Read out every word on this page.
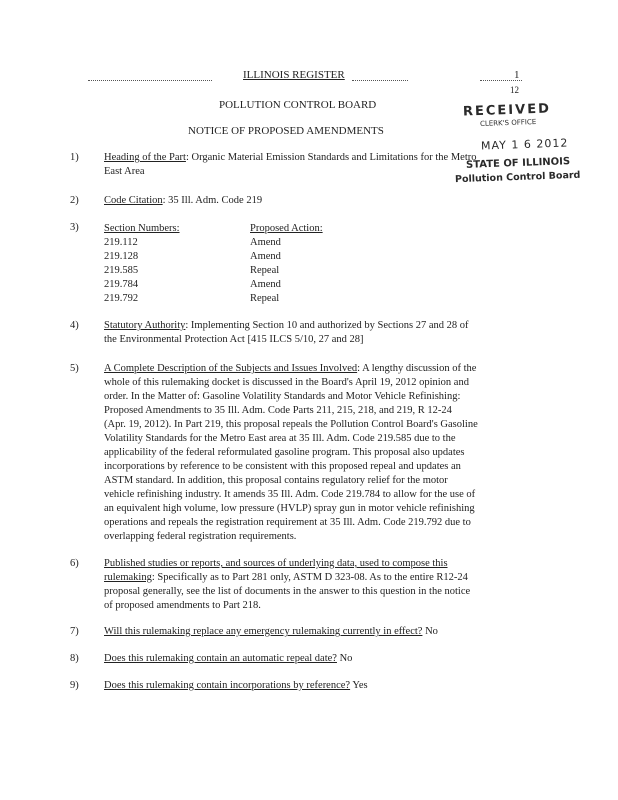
ILLINOIS REGISTER	1
12
POLLUTION CONTROL BOARD
NOTICE OF PROPOSED AMENDMENTS
RECEIVED
CLERK'S OFFICE
MAY 1 6 2012
STATE OF ILLINOIS
Pollution Control Board
1) Heading of the Part: Organic Material Emission Standards and Limitations for the Metro
East Area
2) Code Citation: 35 Ill. Adm. Code 219
3) Section Numbers:
219.112
219.128
219.585
219.784
219.792
Proposed Action:
Amend
Amend
Repeal
Amend
Repeal
4) Statutory Authority: Implementing Section 10 and authorized by Sections 27 and 28 of
the Environmental Protection Act [415 ILCS 5/10, 27 and 28]
5) A Complete Description of the Subjects and Issues Involved: A lengthy discussion of the
whole of this rulemaking docket is discussed in the Board's April 19, 2012 opinion and
order. In the Matter of: Gasoline Volatility Standards and Motor Vehicle Refinishing:
Proposed Amendments to 35 Ill. Adm. Code Parts 211, 215, 218, and 219, R 12-24
(Apr. 19, 2012). In Part 219, this proposal repeals the Pollution Control Board's Gasoline
Volatility Standards for the Metro East area at 35 Ill. Adm. Code 219.585 due to the
applicability of the federal reformulated gasoline program. This proposal also updates
incorporations by reference to be consistent with this proposed repeal and updates an
ASTM standard. In addition, this proposal contains regulatory relief for the motor
vehicle refinishing industry. It amends 35 Ill. Adm. Code 219.784 to allow for the use of
an equivalent high volume, low pressure (HVLP) spray gun in motor vehicle refinishing
operations and repeals the registration requirement at 35 Ill. Adm. Code 219.792 due to
overlapping federal registration requirements.
6) Published studies or reports, and sources of underlying data, used to compose this
rulemaking: Specifically as to Part 281 only, ASTM D 323-08. As to the entire R12-24
proposal generally, see the list of documents in the answer to this question in the notice
of proposed amendments to Part 218.
7) Will this rulemaking replace any emergency rulemaking currently in effect? No
8) Does this rulemaking contain an automatic repeal date? No
9) Does this rulemaking contain incorporations by reference? Yes
